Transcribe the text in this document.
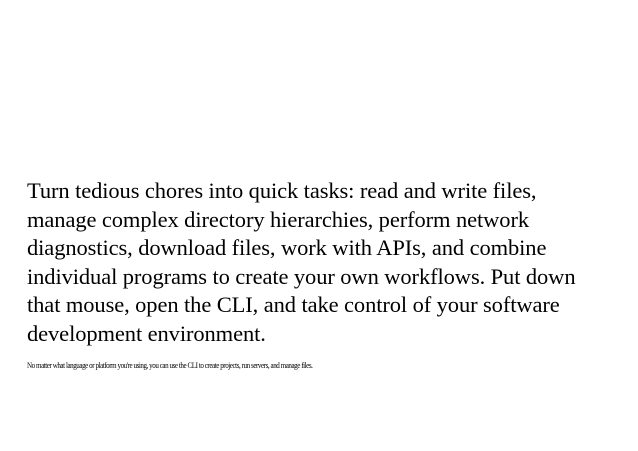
Turn tedious chores into quick tasks: read and write files,
manage complex directory hierarchies, perform network
diagnostics, download files, work with APIs, and combine
individual programs to create your own workflows. Put down
that mouse, open the CLI, and take control of your software
development environment.

No matter what language or platform you're using, you can use the CLI to create projects, run servers, and manage files.
